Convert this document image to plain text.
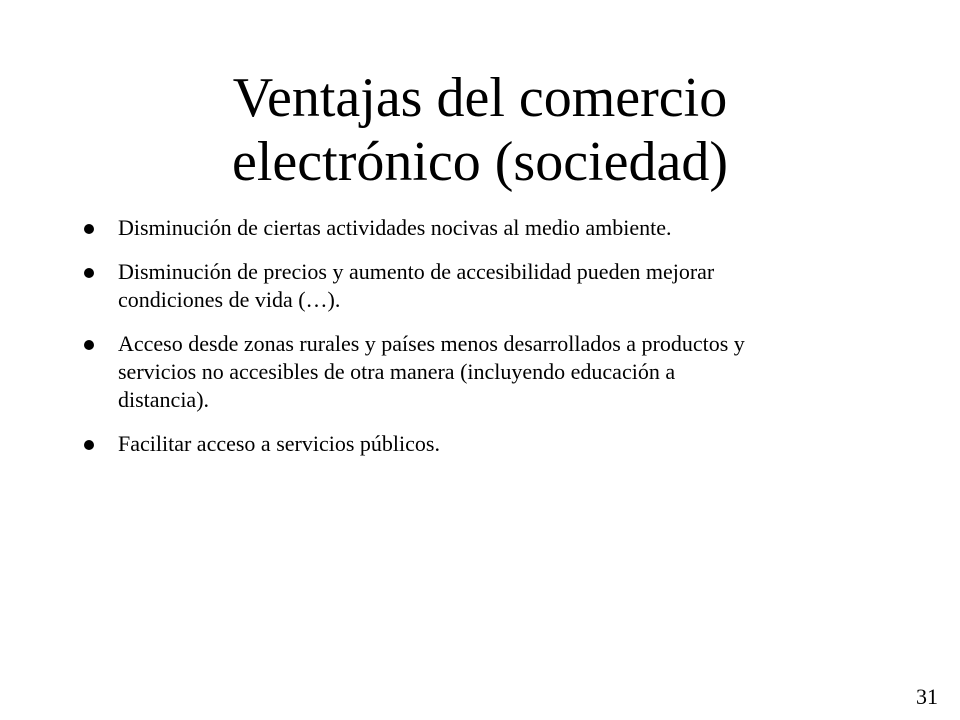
Ventajas del comercio
electrónico (sociedad)
Disminución de ciertas actividades nocivas al medio ambiente.
Disminución de precios y aumento de accesibilidad pueden mejorar
condiciones de vida (…).
Acceso desde zonas rurales y países menos desarrollados a productos y
servicios no accesibles de otra manera (incluyendo educación a
distancia).
Facilitar acceso a servicios públicos.
31
